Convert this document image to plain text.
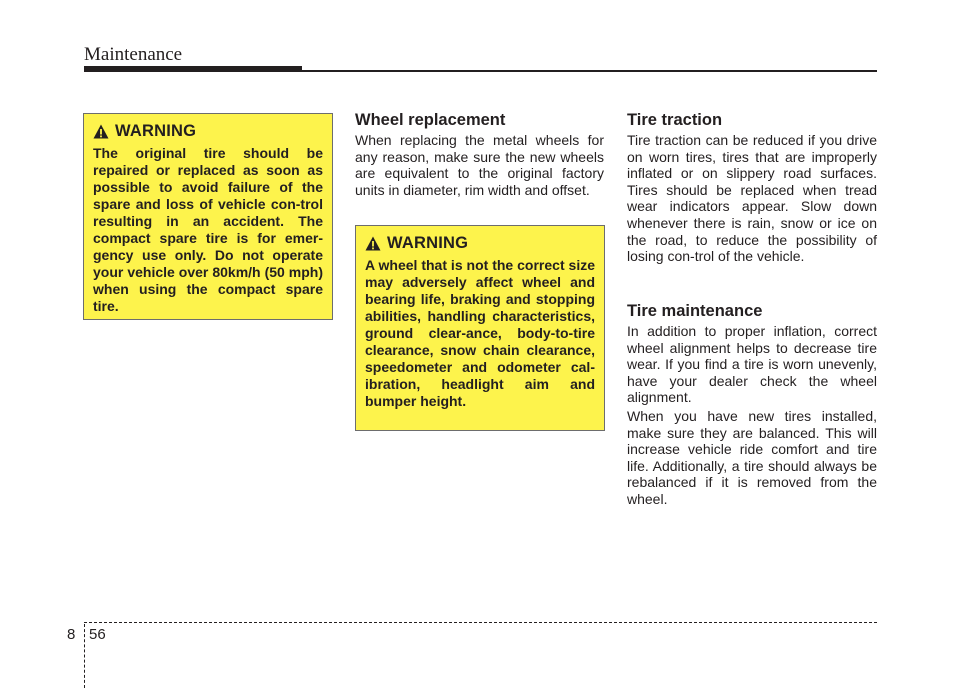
Maintenance
WARNING
The original tire should be repaired or replaced as soon as possible to avoid failure of the spare and loss of vehicle con-trol resulting in an accident. The compact spare tire is for emer-gency use only. Do not operate your vehicle over 80km/h (50 mph) when using the compact spare tire.
Wheel replacement
When replacing the metal wheels for any reason, make sure the new wheels are equivalent to the original factory units in diameter, rim width and offset.
WARNING
A wheel that is not the correct size may adversely affect wheel and bearing life, braking and stopping abilities, handling characteristics, ground clear-ance, body-to-tire clearance, snow chain clearance, speedometer and odometer cal-ibration, headlight aim and bumper height.
Tire traction
Tire traction can be reduced if you drive on worn tires, tires that are improperly inflated or on slippery road surfaces. Tires should be replaced when tread wear indicators appear. Slow down whenever there is rain, snow or ice on the road, to reduce the possibility of losing con-trol of the vehicle.
Tire maintenance
In addition to proper inflation, correct wheel alignment helps to decrease tire wear. If you find a tire is worn unevenly, have your dealer check the wheel alignment.
When you have new tires installed, make sure they are balanced. This will increase vehicle ride comfort and tire life. Additionally, a tire should always be rebalanced if it is removed from the wheel.
8 56
